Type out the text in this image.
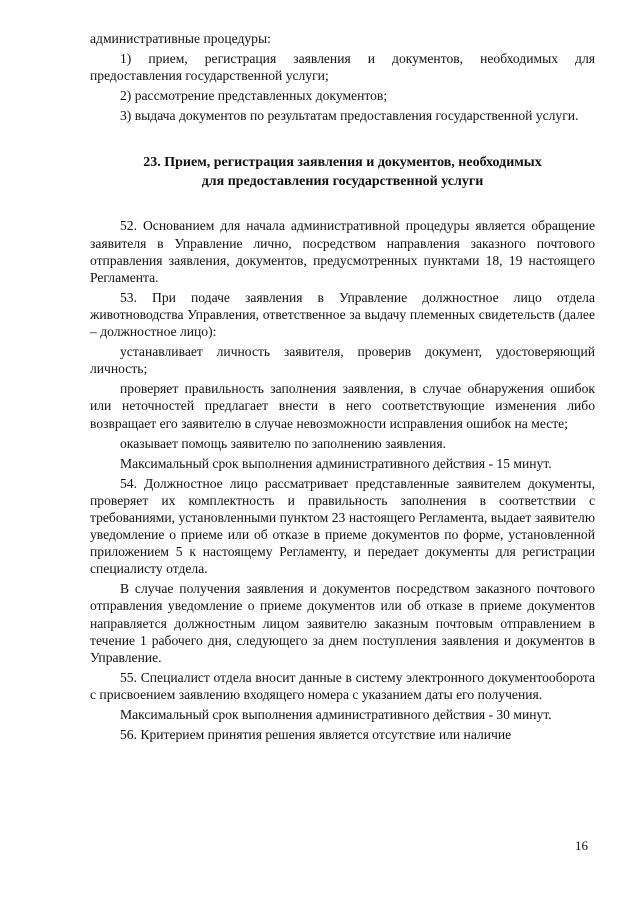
административные процедуры:

1) прием, регистрация заявления и документов, необходимых для предоставления государственной услуги;

2) рассмотрение представленных документов;

3) выдача документов по результатам предоставления государственной услуги.

23. Прием, регистрация заявления и документов, необходимых
для предоставления государственной услуги

52. Основанием для начала административной процедуры является обращение заявителя в Управление лично, посредством направления заказного почтового отправления заявления, документов, предусмотренных пунктами 18, 19 настоящего Регламента.

53. При подаче заявления в Управление должностное лицо отдела животноводства Управления, ответственное за выдачу племенных свидетельств (далее – должностное лицо):

устанавливает личность заявителя, проверив документ, удостоверяющий личность;

проверяет правильность заполнения заявления, в случае обнаружения ошибок или неточностей предлагает внести в него соответствующие изменения либо возвращает его заявителю в случае невозможности исправления ошибок на месте;

оказывает помощь заявителю по заполнению заявления.

Максимальный срок выполнения административного действия - 15 минут.

54. Должностное лицо рассматривает представленные заявителем документы, проверяет их комплектность и правильность заполнения в соответствии с требованиями, установленными пунктом 23 настоящего Регламента, выдает заявителю уведомление о приеме или об отказе в приеме документов по форме, установленной приложением 5 к настоящему Регламенту, и передает документы для регистрации специалисту отдела.

В случае получения заявления и документов посредством заказного почтового отправления уведомление о приеме документов или об отказе в приеме документов направляется должностным лицом заявителю заказным почтовым отправлением в течение 1 рабочего дня, следующего за днем поступления заявления и документов в Управление.

55. Специалист отдела вносит данные в систему электронного документооборота с присвоением заявлению входящего номера с указанием даты его получения.

Максимальный срок выполнения административного действия - 30 минут.

56. Критерием принятия решения является отсутствие или наличие

16
